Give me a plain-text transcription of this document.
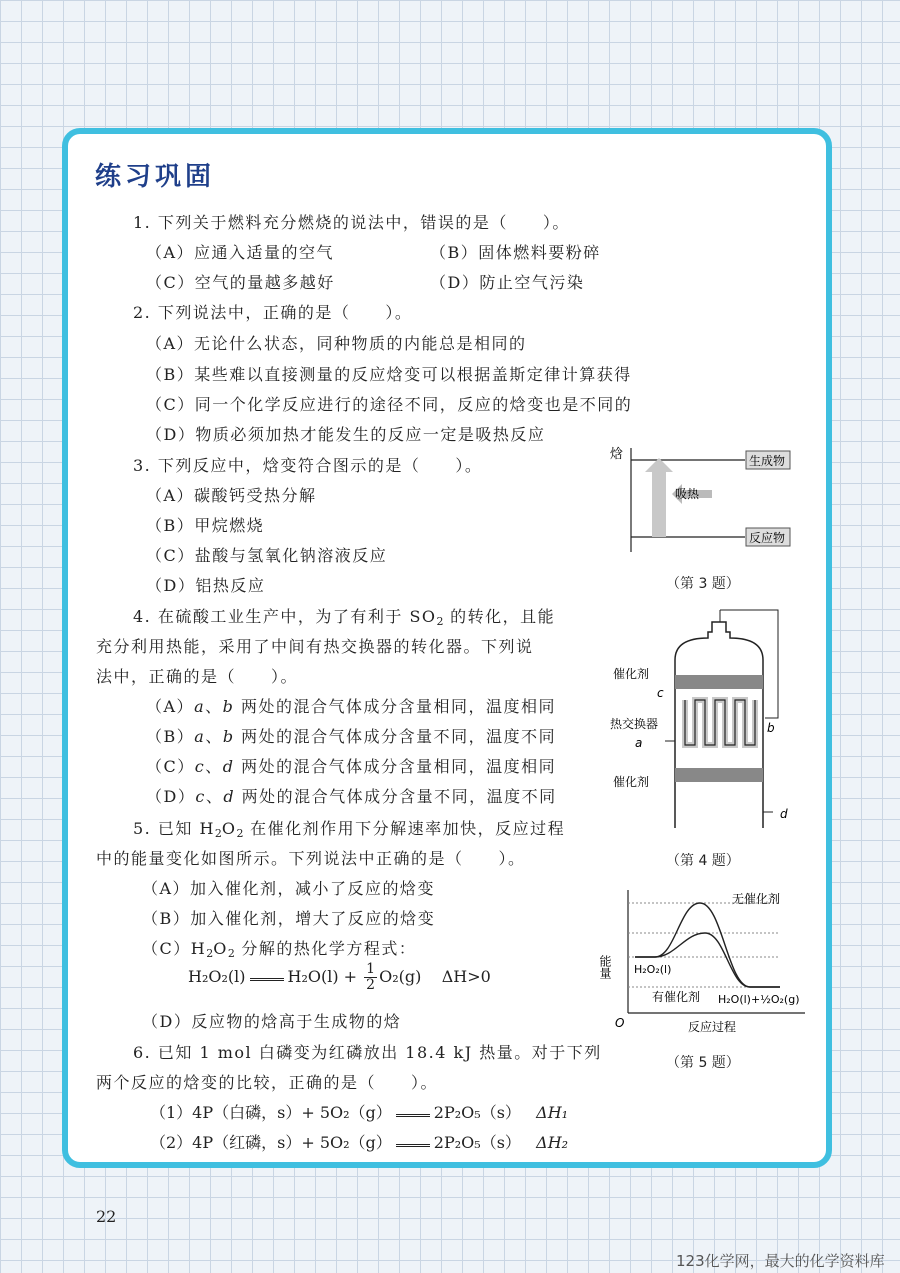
练习巩固
1. 下列关于燃料充分燃烧的说法中，错误的是（　　）。
（A）应通入适量的空气	（B）固体燃料要粉碎
（C）空气的量越多越好	（D）防止空气污染
2. 下列说法中，正确的是（　　）。
（A）无论什么状态，同种物质的内能总是相同的
（B）某些难以直接测量的反应焓变可以根据盖斯定律计算获得
（C）同一个化学反应进行的途径不同，反应的焓变也是不同的
（D）物质必须加热才能发生的反应一定是吸热反应
3. 下列反应中，焓变符合图示的是（　　）。
（A）碳酸钙受热分解
（B）甲烷燃烧
（C）盐酸与氢氧化钠溶液反应
（D）铝热反应
4. 在硫酸工业生产中，为了有利于 $SO_2$ 的转化，且能
充分利用热能，采用了中间有热交换器的转化器。下列说
法中，正确的是（　　）。
（A）a、b 两处的混合气体成分含量相同，温度相同
（B）a、b 两处的混合气体成分含量不同，温度不同
（C）c、d 两处的混合气体成分含量相同，温度相同
（D）c、d 两处的混合气体成分含量不同，温度不同
5. 已知 $H_2O_2$ 在催化剂作用下分解速率加快，反应过程
中的能量变化如图所示。下列说法中正确的是（　　）。
（A）加入催化剂，减小了反应的焓变
（B）加入催化剂，增大了反应的焓变
$(C)H_2O_2$ 分解的热化学方程式：
H₂O₂(l)	$H_2O(l) + \frac{1}{2} O_2(g)$ ΔH>0
（D）反应物的焓高于生成物的焓
6. 已知 1 mol 白磷变为红磷放出 18.4 kJ 热量。对于下列
两个反应的焓变的比较，正确的是（　　）。
（1）4P（白磷，s）+ 5O₂（g）	2P₂O₅（s） ΔH₁
（2）4P（红磷，s）+ 5O₂（g）	2P₂O₅（s） ΔH₂
焓	生成物
反应物
吸热
（第 3 题）
催化剂
热交换器
催化剂
c
a
b
d
（第 4 题）
能量
O	反应过程
无催化剂
有催化剂
H₂O₂(l)
H₂O(l)+½O₂(g)
（第 5 题）
22
123化学网，最大的化学资料库
